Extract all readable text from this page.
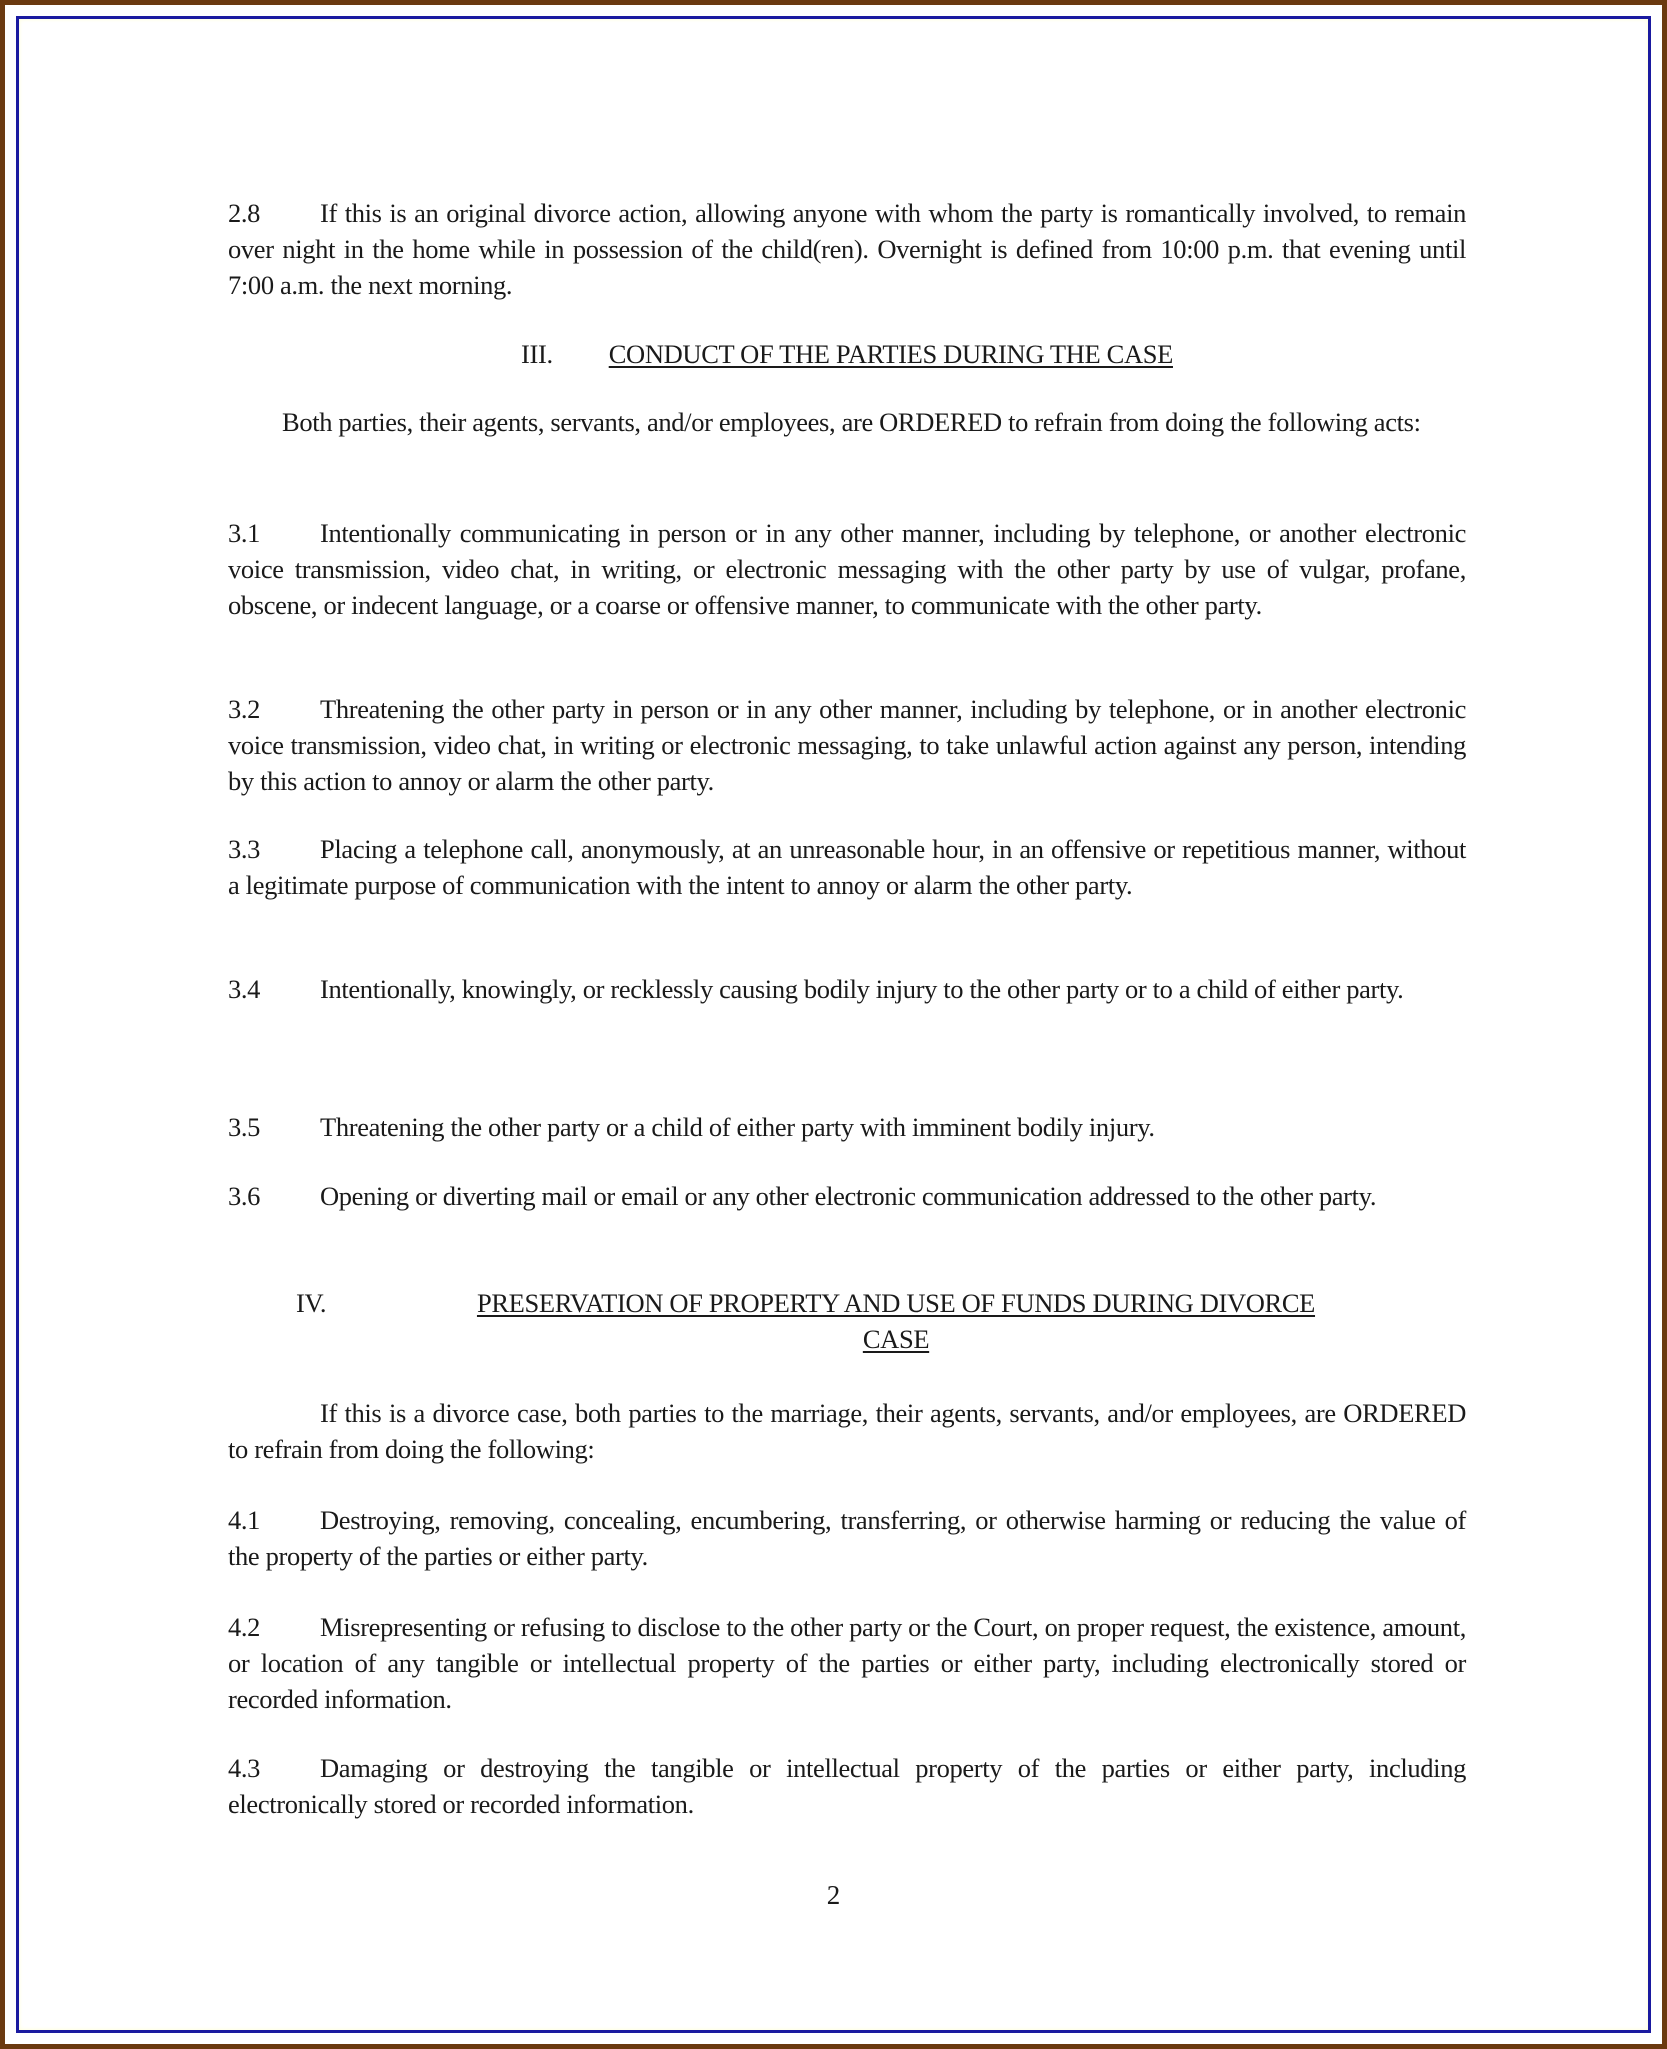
2.8 If this is an original divorce action, allowing anyone with whom the party is romantically involved, to remain over night in the home while in possession of the child(ren). Overnight is defined from 10:00 p.m. that evening until 7:00 a.m. the next morning.
III. CONDUCT OF THE PARTIES DURING THE CASE
Both parties, their agents, servants, and/or employees, are ORDERED to refrain from doing the following acts:
3.1 Intentionally communicating in person or in any other manner, including by telephone, or another electronic voice transmission, video chat, in writing, or electronic messaging with the other party by use of vulgar, profane, obscene, or indecent language, or a coarse or offensive manner, to communicate with the other party.
3.2 Threatening the other party in person or in any other manner, including by telephone, or in another electronic voice transmission, video chat, in writing or electronic messaging, to take unlawful action against any person, intending by this action to annoy or alarm the other party.
3.3 Placing a telephone call, anonymously, at an unreasonable hour, in an offensive or repetitious manner, without a legitimate purpose of communication with the intent to annoy or alarm the other party.
3.4 Intentionally, knowingly, or recklessly causing bodily injury to the other party or to a child of either party.
3.5 Threatening the other party or a child of either party with imminent bodily injury.
3.6 Opening or diverting mail or email or any other electronic communication addressed to the other party.
IV.	PRESERVATION OF PROPERTY AND USE OF FUNDS DURING DIVORCE
CASE
If this is a divorce case, both parties to the marriage, their agents, servants, and/or employees, are ORDERED to refrain from doing the following:
4.1 Destroying, removing, concealing, encumbering, transferring, or otherwise harming or reducing the value of the property of the parties or either party.
4.2 Misrepresenting or refusing to disclose to the other party or the Court, on proper request, the existence, amount, or location of any tangible or intellectual property of the parties or either party, including electronically stored or recorded information.
4.3 Damaging or destroying the tangible or intellectual property of the parties or either party, including electronically stored or recorded information.
2
